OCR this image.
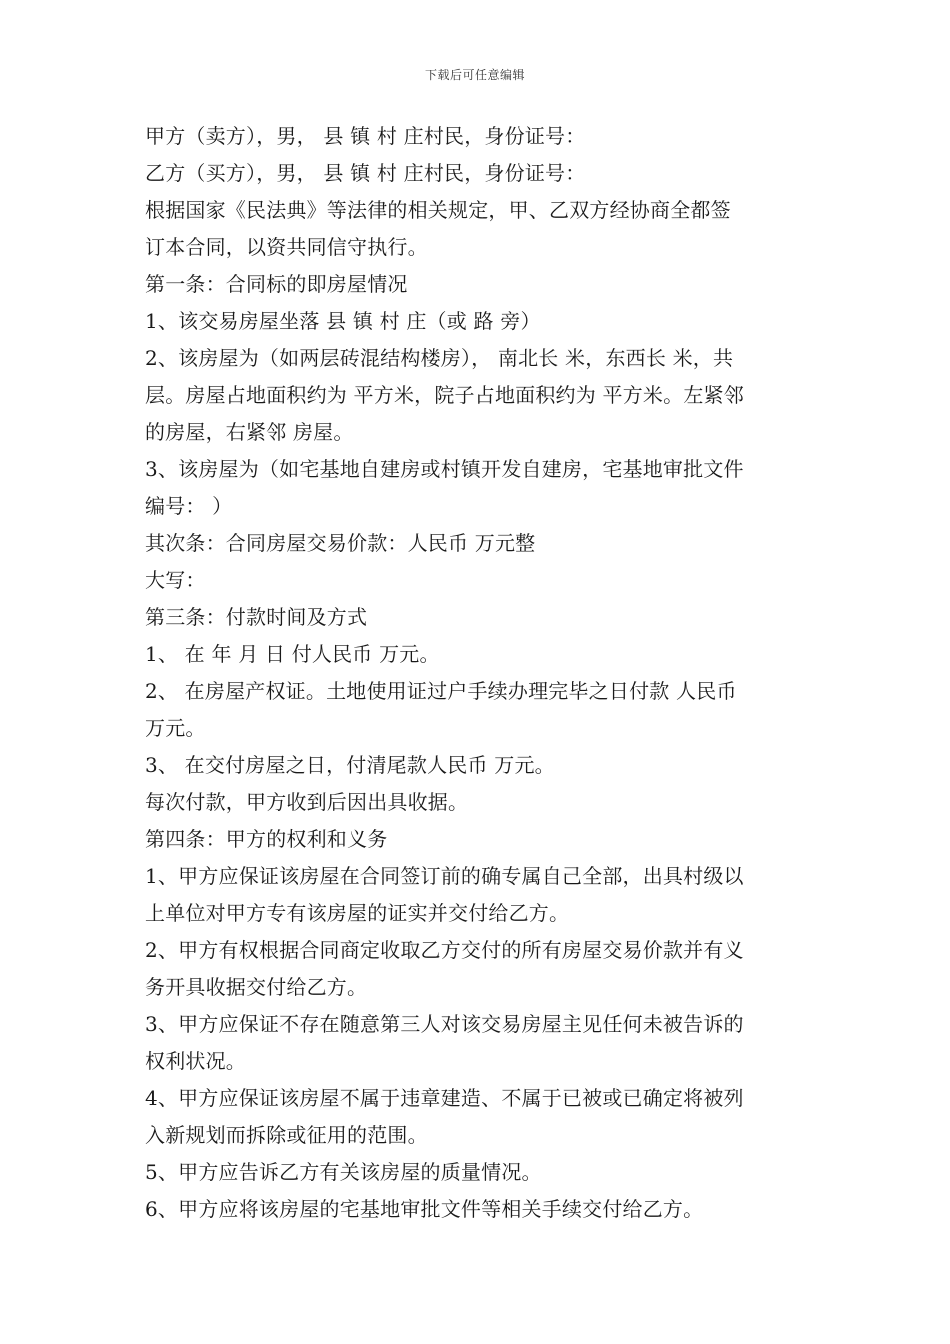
下载后可任意编辑
甲方（卖方），男， 县 镇 村 庄村民，身份证号：
乙方（买方），男， 县 镇 村 庄村民，身份证号：
根据国家《民法典》等法律的相关规定，甲、乙双方经协商全都签
订本合同，以资共同信守执行。
第一条：合同标的即房屋情况
1、该交易房屋坐落 县 镇 村 庄（或 路 旁）
2、该房屋为（如两层砖混结构楼房）， 南北长 米，东西长 米，共
层。房屋占地面积约为 平方米，院子占地面积约为 平方米。左紧邻
的房屋，右紧邻 房屋。
3、该房屋为（如宅基地自建房或村镇开发自建房，宅基地审批文件
编号： ）
其次条：合同房屋交易价款：人民币 万元整
大写：
第三条：付款时间及方式
1、 在 年 月 日 付人民币 万元。
2、 在房屋产权证。土地使用证过户手续办理完毕之日付款 人民币
万元。
3、 在交付房屋之日，付清尾款人民币 万元。
每次付款，甲方收到后因出具收据。
第四条：甲方的权利和义务
1、甲方应保证该房屋在合同签订前的确专属自己全部，出具村级以
上单位对甲方专有该房屋的证实并交付给乙方。
2、甲方有权根据合同商定收取乙方交付的所有房屋交易价款并有义
务开具收据交付给乙方。
3、甲方应保证不存在随意第三人对该交易房屋主见任何未被告诉的
权利状况。
4、甲方应保证该房屋不属于违章建造、不属于已被或已确定将被列
入新规划而拆除或征用的范围。
5、甲方应告诉乙方有关该房屋的质量情况。
6、甲方应将该房屋的宅基地审批文件等相关手续交付给乙方。
